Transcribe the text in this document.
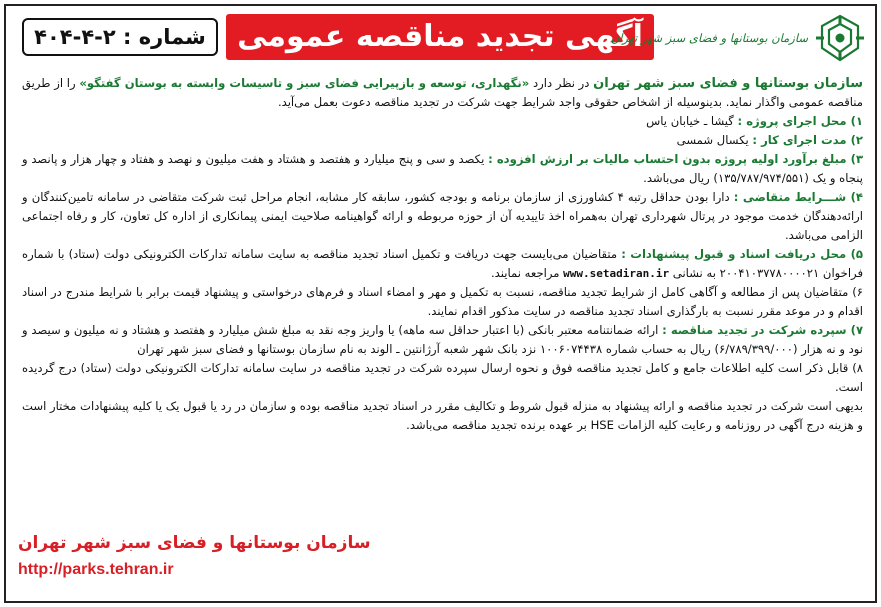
شماره : ۲-۴-۴۰۴	آگهی تجدید مناقصه عمومی
سازمان بوستانها و فضای سبز شهر تهران

سازمان بوستانها و فضای سبز شهر تهران در نظر دارد «نگهداری، توسعه و بازپیرایی فضای سبز و تاسیسات وابسته به بوستان گفتگو» را از طریق مناقصه عمومی واگذار نماید. بدینوسیله از اشخاص حقوقی واجد شرایط جهت شرکت در تجدید مناقصه دعوت بعمل می‌آید.

۱) محل اجرای پروژه : گیشا ـ خیابان یاس

۲) مدت اجرای کار : یکسال شمسی

۳) مبلغ برآورد اولیه پروژه بدون احتساب مالیات بر ارزش افزوده : یکصد و سی و پنج میلیارد و هفتصد و هشتاد و هفت میلیون و نهصد و هفتاد و چهار هزار و پانصد و پنجاه و یک (۱۳۵/۷۸۷/۹۷۴/۵۵۱) ریال می‌باشد.

۴) شـــرایط متقاضی : دارا بودن حداقل رتبه ۴ کشاورزی از سازمان برنامه و بودجه کشور، سابقه کار مشابه، انجام مراحل ثبت شرکت متقاضی در سامانه تامین‌کنندگان و ارائه‌دهندگان خدمت موجود در پرتال شهرداری تهران به‌همراه اخذ تاییدیه آن از حوزه مربوطه و ارائه گواهینامه صلاحیت ایمنی پیمانکاری از اداره کل تعاون، کار و رفاه اجتماعی الزامی می‌باشد.

۵) محل دریافت اسناد و قبول پیشنهادات : متقاضیان می‌بایست جهت دریافت و تکمیل اسناد تجدید مناقصه به سایت سامانه تدارکات الکترونیکی دولت (ستاد) با شماره فراخوان ۲۰۰۴۱۰۳۷۷۸۰۰۰۰۲۱ به نشانی www.setadiran.ir مراجعه نمایند.

۶) متقاضیان پس از مطالعه و آگاهی کامل از شرایط تجدید مناقصه، نسبت به تکمیل و مهر و امضاء اسناد و فرم‌های درخواستی و پیشنهاد قیمت برابر با شرایط مندرج در اسناد اقدام و در موعد مقرر نسبت به بارگذاری اسناد تجدید مناقصه در سایت مذکور اقدام نمایند.

۷) سپرده شرکت در تجدید مناقصه : ارائه ضمانتنامه معتبر بانکی (با اعتبار حداقل سه ماهه) یا واریز وجه نقد به مبلغ شش میلیارد و هفتصد و هشتاد و نه میلیون و سیصد و نود و نه هزار (۶/۷۸۹/۳۹۹/۰۰۰) ریال به حساب شماره ۱۰۰۶۰۷۴۴۳۸ نزد بانک شهر شعبه آرژانتین ـ الوند به نام سازمان بوستانها و فضای سبز شهر تهران

۸) قابل ذکر است کلیه اطلاعات جامع و کامل تجدید مناقصه فوق و نحوه ارسال سپرده شرکت در تجدید مناقصه در سایت سامانه تدارکات الکترونیکی دولت (ستاد) درج گردیده است.

بدیهی است شرکت در تجدید مناقصه و ارائه پیشنهاد به منزله قبول شروط و تکالیف مقرر در اسناد تجدید مناقصه بوده و سازمان در رد یا قبول یک یا کلیه پیشنهادات مختار است و هزینه درج آگهی در روزنامه و رعایت کلیه الزامات HSE بر عهده برنده تجدید مناقصه می‌باشد.

سازمان بوستانها و فضای سبز شهر تهران
http://parks.tehran.ir
